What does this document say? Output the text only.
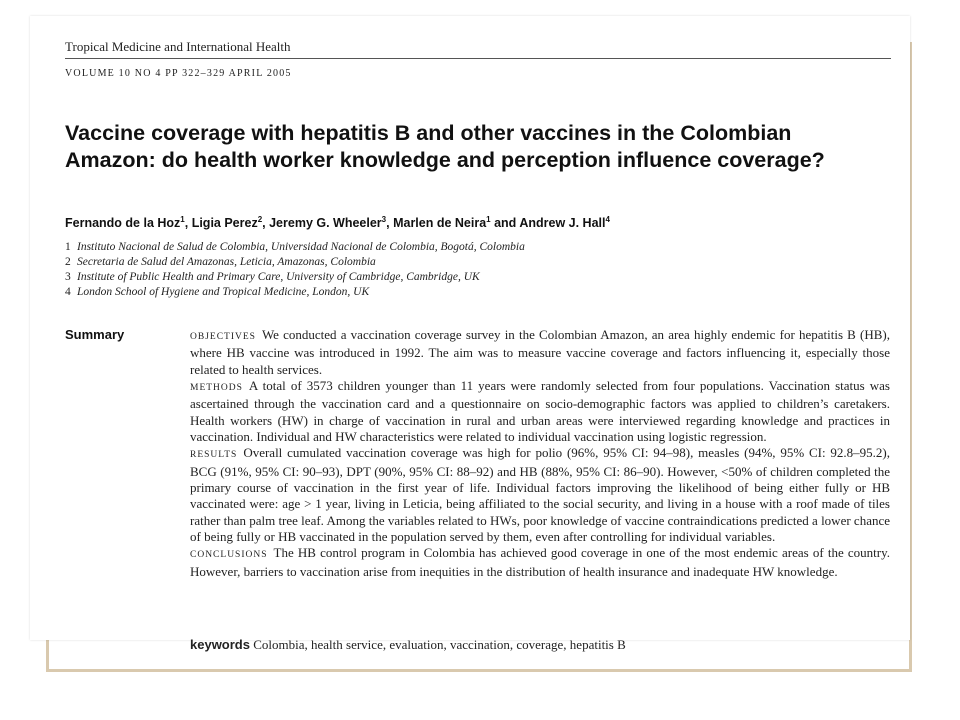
Tropical Medicine and International Health
VOLUME 10 NO 4 PP 322–329 APRIL 2005
Vaccine coverage with hepatitis B and other vaccines in the Colombian Amazon: do health worker knowledge and perception influence coverage?
Fernando de la Hoz$^1$, Ligia Perez$^2$, Jeremy G. Wheeler$^3$, Marlen de Neira$^1$ and Andrew J. Hall$^4$
1 Instituto Nacional de Salud de Colombia, Universidad Nacional de Colombia, Bogotá, Colombia
2 Secretaria de Salud del Amazonas, Leticia, Amazonas, Colombia
3 Institute of Public Health and Primary Care, University of Cambridge, Cambridge, UK
4 London School of Hygiene and Tropical Medicine, London, UK
Summary	OBJECTIVES We conducted a vaccination coverage survey in the Colombian Amazon, an area highly endemic for hepatitis B (HB), where HB vaccine was introduced in 1992. The aim was to measure vaccine coverage and factors influencing it, especially those related to health services.

METHODS A total of 3573 children younger than 11 years were randomly selected from four populations. Vaccination status was ascertained through the vaccination card and a questionnaire on socio-demographic factors was applied to children’s caretakers. Health workers (HW) in charge of vaccination in rural and urban areas were interviewed regarding knowledge and practices in vaccination. Individual and HW characteristics were related to individual vaccination using logistic regression.

RESULTS Overall cumulated vaccination coverage was high for polio (96%, 95% CI: 94–98), measles (94%, 95% CI: 92.8–95.2), BCG (91%, 95% CI: 90–93), DPT (90%, 95% CI: 88–92) and HB (88%, 95% CI: 86–90). However, <50% of children completed the primary course of vaccination in the first year of life. Individual factors improving the likelihood of being either fully or HB vaccinated were: age > 1 year, living in Leticia, being affiliated to the social security, and living in a house with a roof made of tiles rather than palm tree leaf. Among the variables related to HWs, poor knowledge of vaccine contraindications predicted a lower chance of being fully or HB vaccinated in the population served by them, even after controlling for individual variables.

CONCLUSIONS The HB control program in Colombia has achieved good coverage in one of the most endemic areas of the country. However, barriers to vaccination arise from inequities in the distribution of health insurance and inadequate HW knowledge.

keywords Colombia, health service, evaluation, vaccination, coverage, hepatitis B
